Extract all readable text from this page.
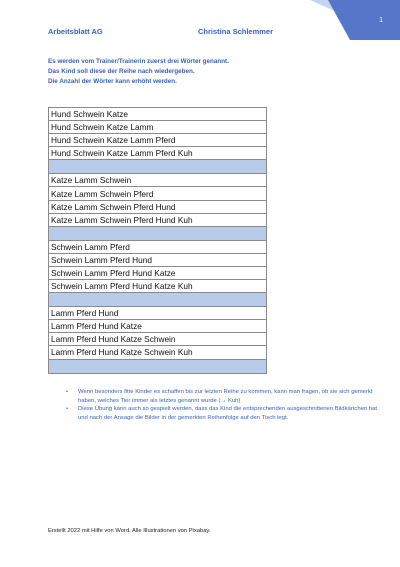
1
Arbeitsblatt AG	Christina Schlemmer
Es werden vom Trainer/Trainerin zuerst drei Wörter genannt.
Das Kind soll diese der Reihe nach wiedergeben.
Die Anzahl der Wörter kann erhöht werden.
Hund Schwein Katze
Hund Schwein Katze Lamm
Hund Schwein Katze Lamm Pferd
Hund Schwein Katze Lamm Pferd Kuh

Katze Lamm Schwein
Katze Lamm Schwein Pferd
Katze Lamm Schwein Pferd Hund
Katze Lamm Schwein Pferd Hund Kuh

Schwein Lamm Pferd
Schwein Lamm Pferd Hund
Schwein Lamm Pferd Hund Katze
Schwein Lamm Pferd Hund Katze Kuh

Lamm Pferd Hund
Lamm Pferd Hund Katze
Lamm Pferd Hund Katze Schwein
Lamm Pferd Hund Katze Schwein Kuh

• Wenn besonders fitte Kinder es schaffen bis zur letzten Reihe zu kommen, kann man fragen, ob sie sich gemerkt haben, welches Tier immer als letztes genannt wurde (→ Kuh)
• Diese Übung kann auch so gespielt werden, dass das Kind die entsprechenden ausgeschnittenen Bildkärtchen hat und nach der Ansage die Bilder in der gemerkten Reihenfolge auf den Tisch legt.
Erstellt 2022 mit Hilfe von Word. Alle Illustrationen von Pixabay.
